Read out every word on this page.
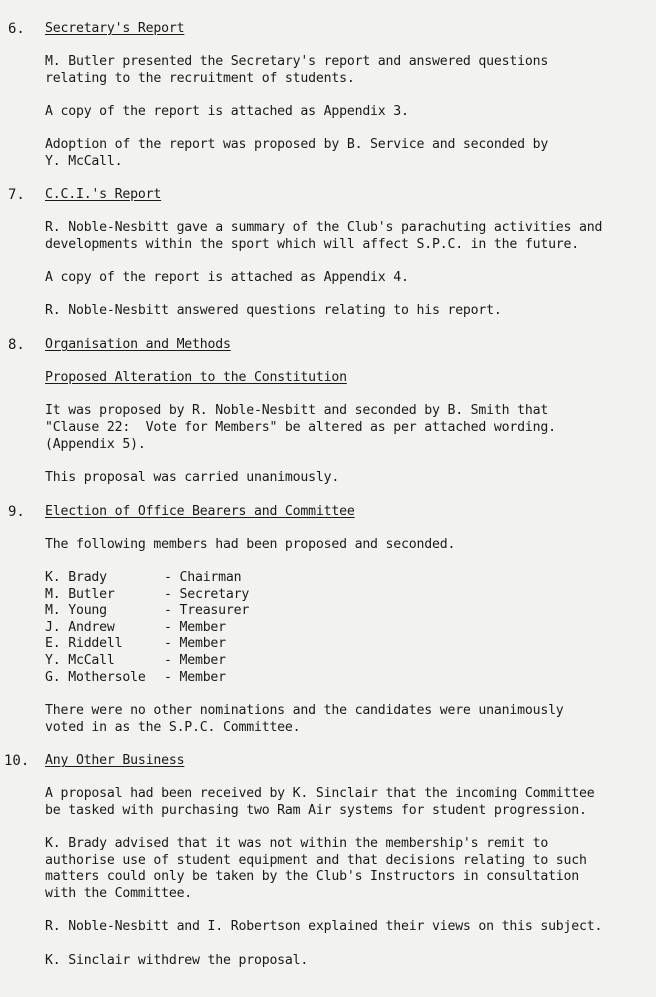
6. Secretary's Report
M. Butler presented the Secretary's report and answered questions
relating to the recruitment of students.
A copy of the report is attached as Appendix 3.
Adoption of the report was proposed by B. Service and seconded by
Y. McCall.
7. C.C.I.'s Report
R. Noble-Nesbitt gave a summary of the Club's parachuting activities and
developments within the sport which will affect S.P.C. in the future.
A copy of the report is attached as Appendix 4.
R. Noble-Nesbitt answered questions relating to his report.
8. Organisation and Methods
Proposed Alteration to the Constitution
It was proposed by R. Noble-Nesbitt and seconded by B. Smith that
"Clause 22:  Vote for Members" be altered as per attached wording.
(Appendix 5).
This proposal was carried unanimously.
9. Election of Office Bearers and Committee
The following members had been proposed and seconded.
K. Brady	- Chairman
M. Butler	- Secretary
M. Young	- Treasurer
J. Andrew	- Member
E. Riddell	- Member
Y. McCall	- Member
G. Mothersole - Member
There were no other nominations and the candidates were unanimously
voted in as the S.P.C. Committee.
10. Any Other Business
A proposal had been received by K. Sinclair that the incoming Committee
be tasked with purchasing two Ram Air systems for student progression.
K. Brady advised that it was not within the membership's remit to
authorise use of student equipment and that decisions relating to such
matters could only be taken by the Club's Instructors in consultation
with the Committee.
R. Noble-Nesbitt and I. Robertson explained their views on this subject.
K. Sinclair withdrew the proposal.
